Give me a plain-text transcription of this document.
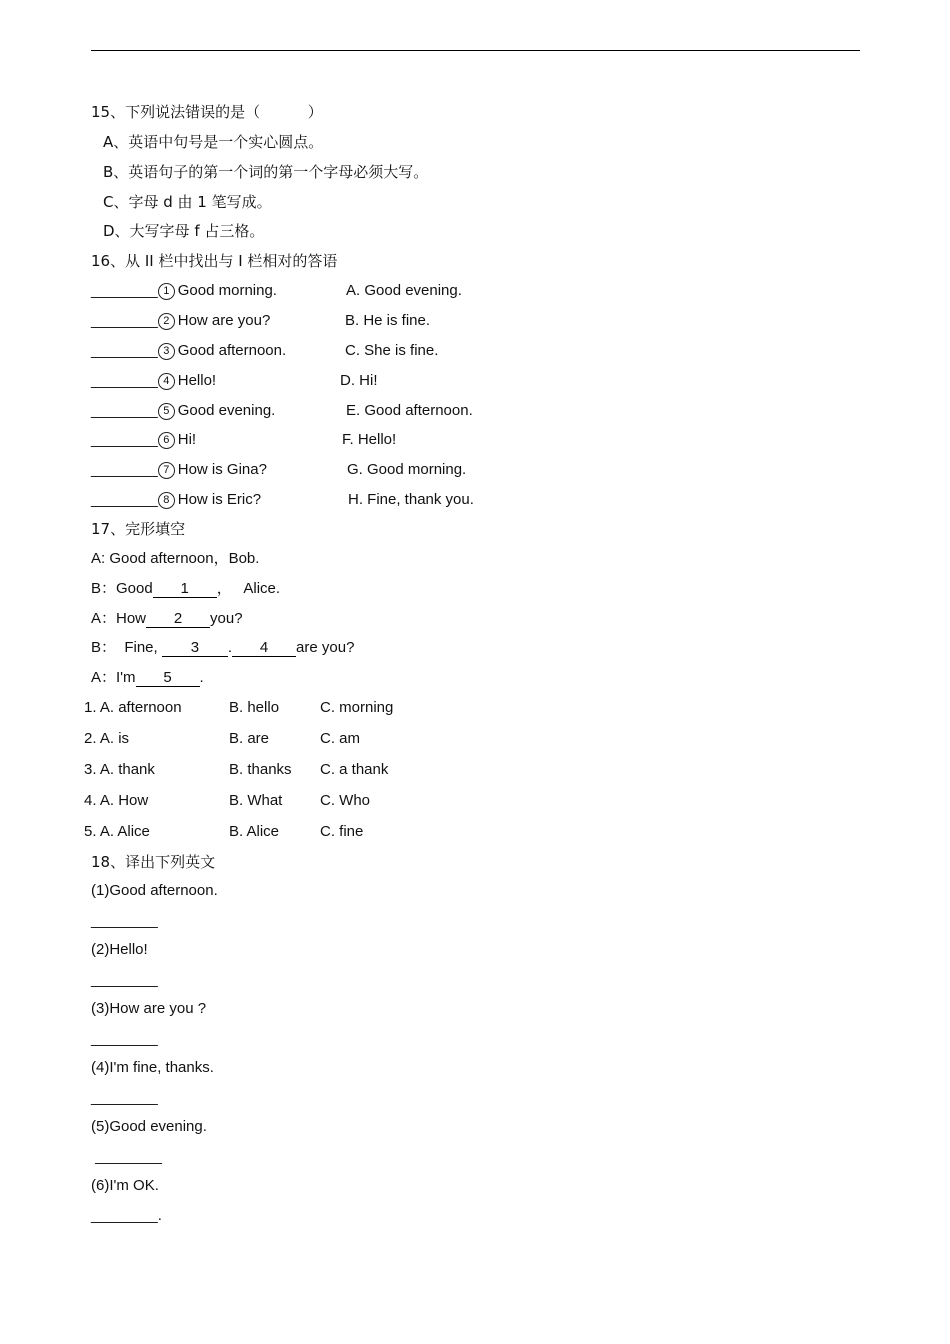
15、下列说法错误的是（          ）
A、英语中句号是一个实心圆点。
B、英语句子的第一个词的第一个字母必须大写。
C、字母 d 由 1 笔写成。
D、大写字母 f 占三格。
16、从 II 栏中找出与 I 栏相对的答语
________ 1 Good morning.	A. Good evening.
________ 2 How are you?	B. He is fine.
________ 3 Good afternoon.	C. She is fine.
________ 4 Hello!	D. Hi!
________ 5 Good evening.	E. Good afternoon.
________ 6 Hi!	F. Hello!
________ 7 How is Gina?	G. Good morning.
________ 8 How is Eric?	H. Fine, thank you.
17、完形填空
A: Good afternoon，Bob.
B：Good 1 ，   Alice.
A：How 2 you?
B：  Fine, 3 . 4 are you?
A：I'm 5 .
1. A. afternoon	B. hello	C. morning
2. A. is	B. are	C. am
3. A. thank	B. thanks C. a thank
4. A. How	B. What	C. Who
5. A. Alice	B. Alice	C. fine
18、译出下列英文
(1)Good afternoon.
________
(2)Hello!
________
(3)How are you ?
________
(4)I'm fine, thanks.
________
(5)Good evening.
________
(6)I'm OK.
________.
